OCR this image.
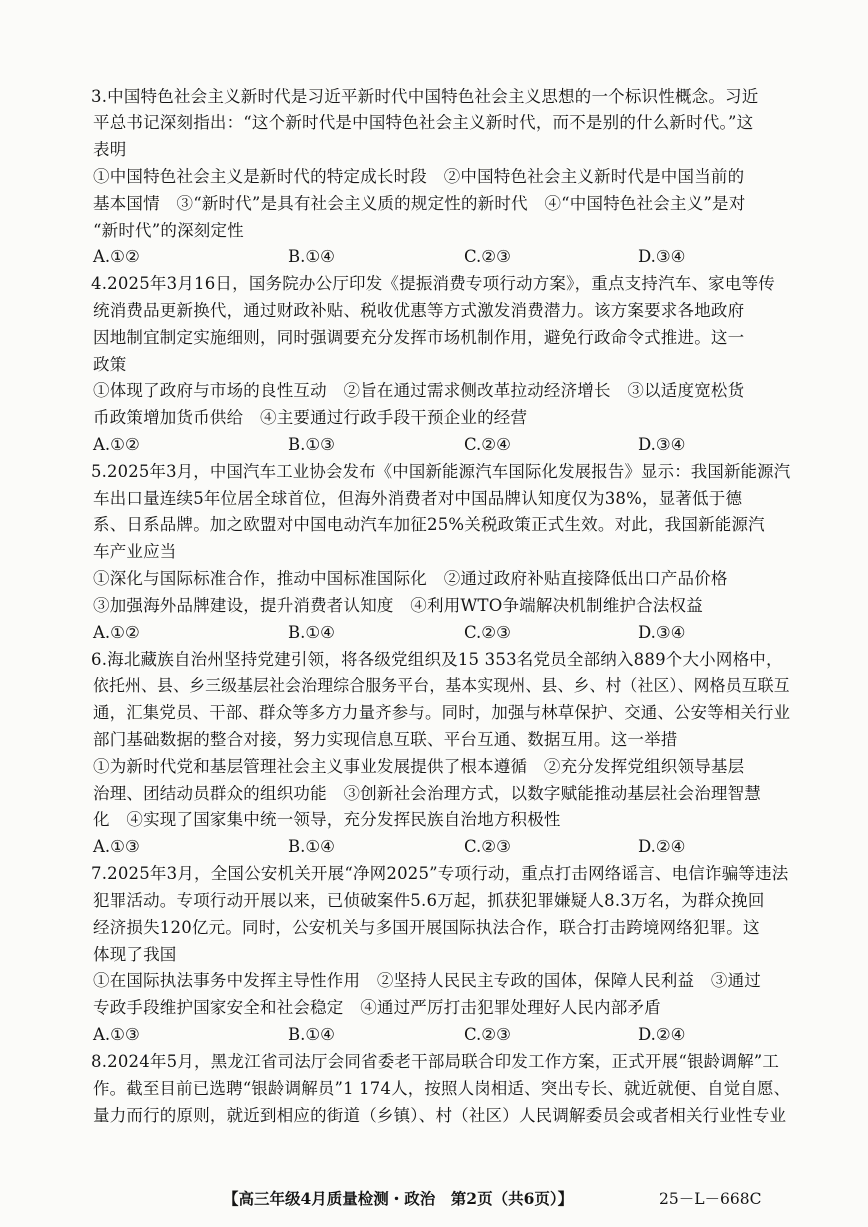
3.中国特色社会主义新时代是习近平新时代中国特色社会主义思想的一个标识性概念。习近
平总书记深刻指出：“这个新时代是中国特色社会主义新时代，而不是别的什么新时代。”这
表明
①中国特色社会主义是新时代的特定成长时段　②中国特色社会主义新时代是中国当前的
基本国情　③“新时代”是具有社会主义质的规定性的新时代　④“中国特色社会主义”是对
“新时代”的深刻定性
A.①②	B.①④	C.②③	D.③④
4.2025年3月16日，国务院办公厅印发《提振消费专项行动方案》，重点支持汽车、家电等传
统消费品更新换代，通过财政补贴、税收优惠等方式激发消费潜力。该方案要求各地政府
因地制宜制定实施细则，同时强调要充分发挥市场机制作用，避免行政命令式推进。这一
政策
①体现了政府与市场的良性互动　②旨在通过需求侧改革拉动经济增长　③以适度宽松货
币政策增加货币供给　④主要通过行政手段干预企业的经营
A.①②	B.①③	C.②④	D.③④
5.2025年3月，中国汽车工业协会发布《中国新能源汽车国际化发展报告》显示：我国新能源汽
车出口量连续5年位居全球首位，但海外消费者对中国品牌认知度仅为38%，显著低于德
系、日系品牌。加之欧盟对中国电动汽车加征25%关税政策正式生效。对此，我国新能源汽
车产业应当
①深化与国际标准合作，推动中国标准国际化　②通过政府补贴直接降低出口产品价格
③加强海外品牌建设，提升消费者认知度　④利用WTO争端解决机制维护合法权益
A.①②	B.①④	C.②③	D.③④
6.海北藏族自治州坚持党建引领，将各级党组织及15 353名党员全部纳入889个大小网格中，
依托州、县、乡三级基层社会治理综合服务平台，基本实现州、县、乡、村（社区）、网格员互联互
通，汇集党员、干部、群众等多方力量齐参与。同时，加强与林草保护、交通、公安等相关行业
部门基础数据的整合对接，努力实现信息互联、平台互通、数据互用。这一举措
①为新时代党和基层管理社会主义事业发展提供了根本遵循　②充分发挥党组织领导基层
治理、团结动员群众的组织功能　③创新社会治理方式，以数字赋能推动基层社会治理智慧
化　④实现了国家集中统一领导，充分发挥民族自治地方积极性
A.①③	B.①④	C.②③	D.②④
7.2025年3月，全国公安机关开展“净网2025”专项行动，重点打击网络谣言、电信诈骗等违法
犯罪活动。专项行动开展以来，已侦破案件5.6万起，抓获犯罪嫌疑人8.3万名，为群众挽回
经济损失120亿元。同时，公安机关与多国开展国际执法合作，联合打击跨境网络犯罪。这
体现了我国
①在国际执法事务中发挥主导性作用　②坚持人民民主专政的国体，保障人民利益　③通过
专政手段维护国家安全和社会稳定　④通过严厉打击犯罪处理好人民内部矛盾
A.①③	B.①④	C.②③	D.②④
8.2024年5月，黑龙江省司法厅会同省委老干部局联合印发工作方案，正式开展“银龄调解”工
作。截至目前已选聘“银龄调解员”1 174人，按照人岗相适、突出专长、就近就便、自觉自愿、
量力而行的原则，就近到相应的街道（乡镇）、村（社区）人民调解委员会或者相关行业性专业
【高三年级4月质量检测・政治　第2页（共6页）】	25－L－668C
